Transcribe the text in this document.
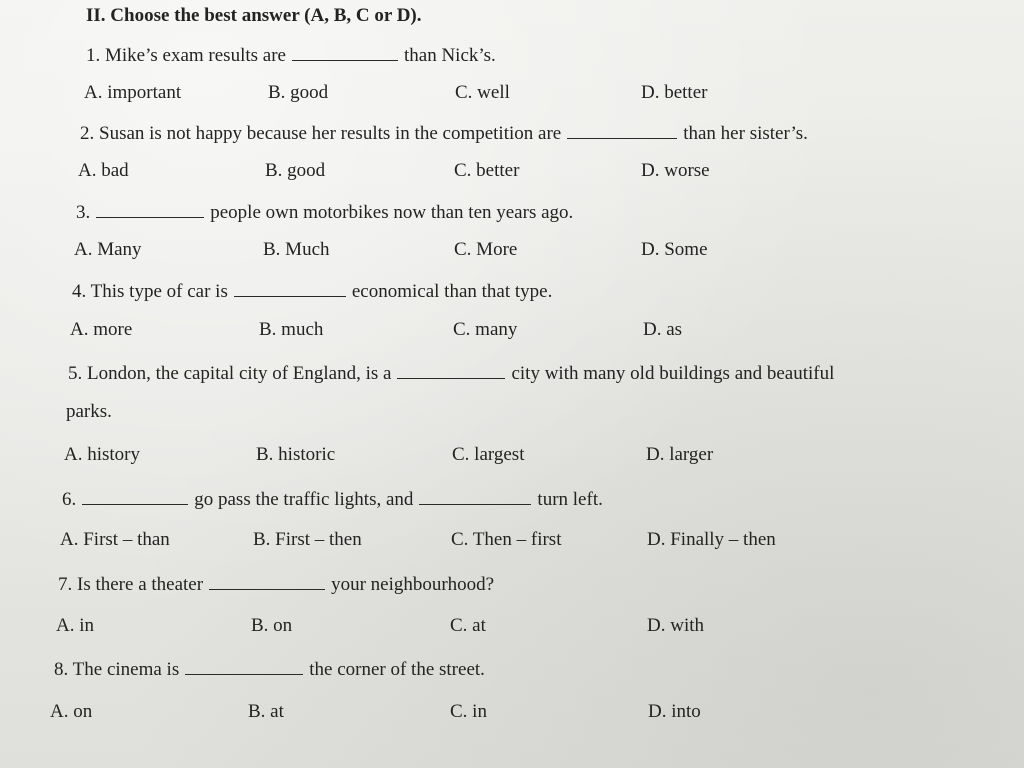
II. Choose the best answer (A, B, C or D).
1. Mike’s exam results are	than Nick’s.
A. important	B. good	C. well	D. better
2. Susan is not happy because her results in the competition are	than her sister’s.
A. bad	B. good	C. better	D. worse
3.	people own motorbikes now than ten years ago.
A. Many	B. Much	C. More	D. Some
4. This type of car is	economical than that type.
A. more	B. much	C. many	D. as
5. London, the capital city of England, is a	city with many old buildings and beautiful
parks.
A. history	B. historic	C. largest	D. larger
6.	go pass the traffic lights, and	turn left.
A. First – than	B. First – then	C. Then – first	D. Finally – then
7. Is there a theater	your neighbourhood?
A. in	B. on	C. at	D. with
8. The cinema is	the corner of the street.
A. on	B. at	C. in	D. into
